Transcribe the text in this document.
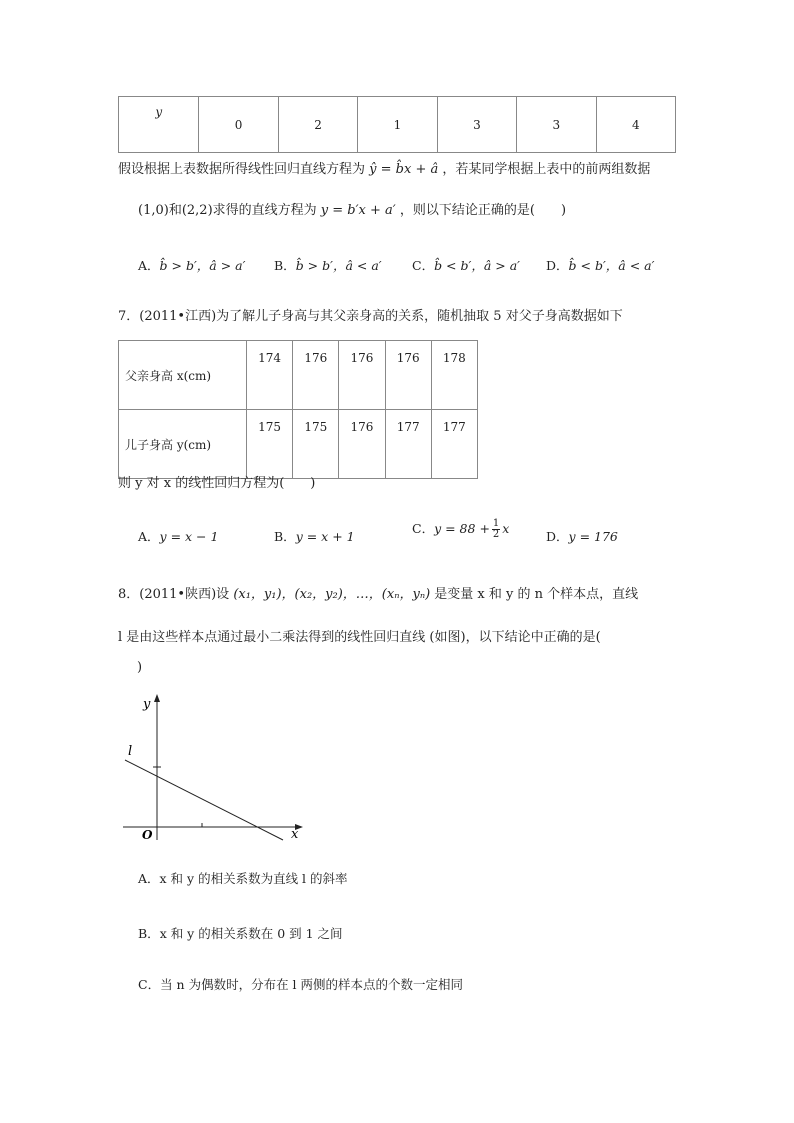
y	0	2	1	3	3	4
假设根据上表数据所得线性回归直线方程为 ŷ = b̂x + â ，若某同学根据上表中的前两组数据
(1,0)和(2,2)求得的直线方程为 y = b′x + a′ ，则以下结论正确的是(　　)
A．b̂ > b′，â > a′ B．b̂ > b′，â < a′ C．b̂ < b′，â > a′ D．b̂ < b′，â < a′
7．(2011•江西)为了解儿子身高与其父亲身高的关系，随机抽取 5 对父子身高数据如下
父亲身高 x(cm)	174	176	176	176	178
儿子身高 y(cm)	175	175	176	177	177
则 y 对 x 的线性回归方程为(　　)
A．y = x − 1	B．y = x + 1
C．$y = 88 + \frac{1}{2}$ x
D．y = 176
8．(2011•陕西)设 (x₁，y₁)，(x₂，y₂)，…，(xₙ，yₙ) 是变量 x 和 y 的 n 个样本点，直线
l 是由这些样本点通过最小二乘法得到的线性回归直线 (如图)，以下结论中正确的是(
)
y
x
O
l
A．x 和 y 的相关系数为直线 l 的斜率
B．x 和 y 的相关系数在 0 到 1 之间
C．当 n 为偶数时，分布在 l 两侧的样本点的个数一定相同
